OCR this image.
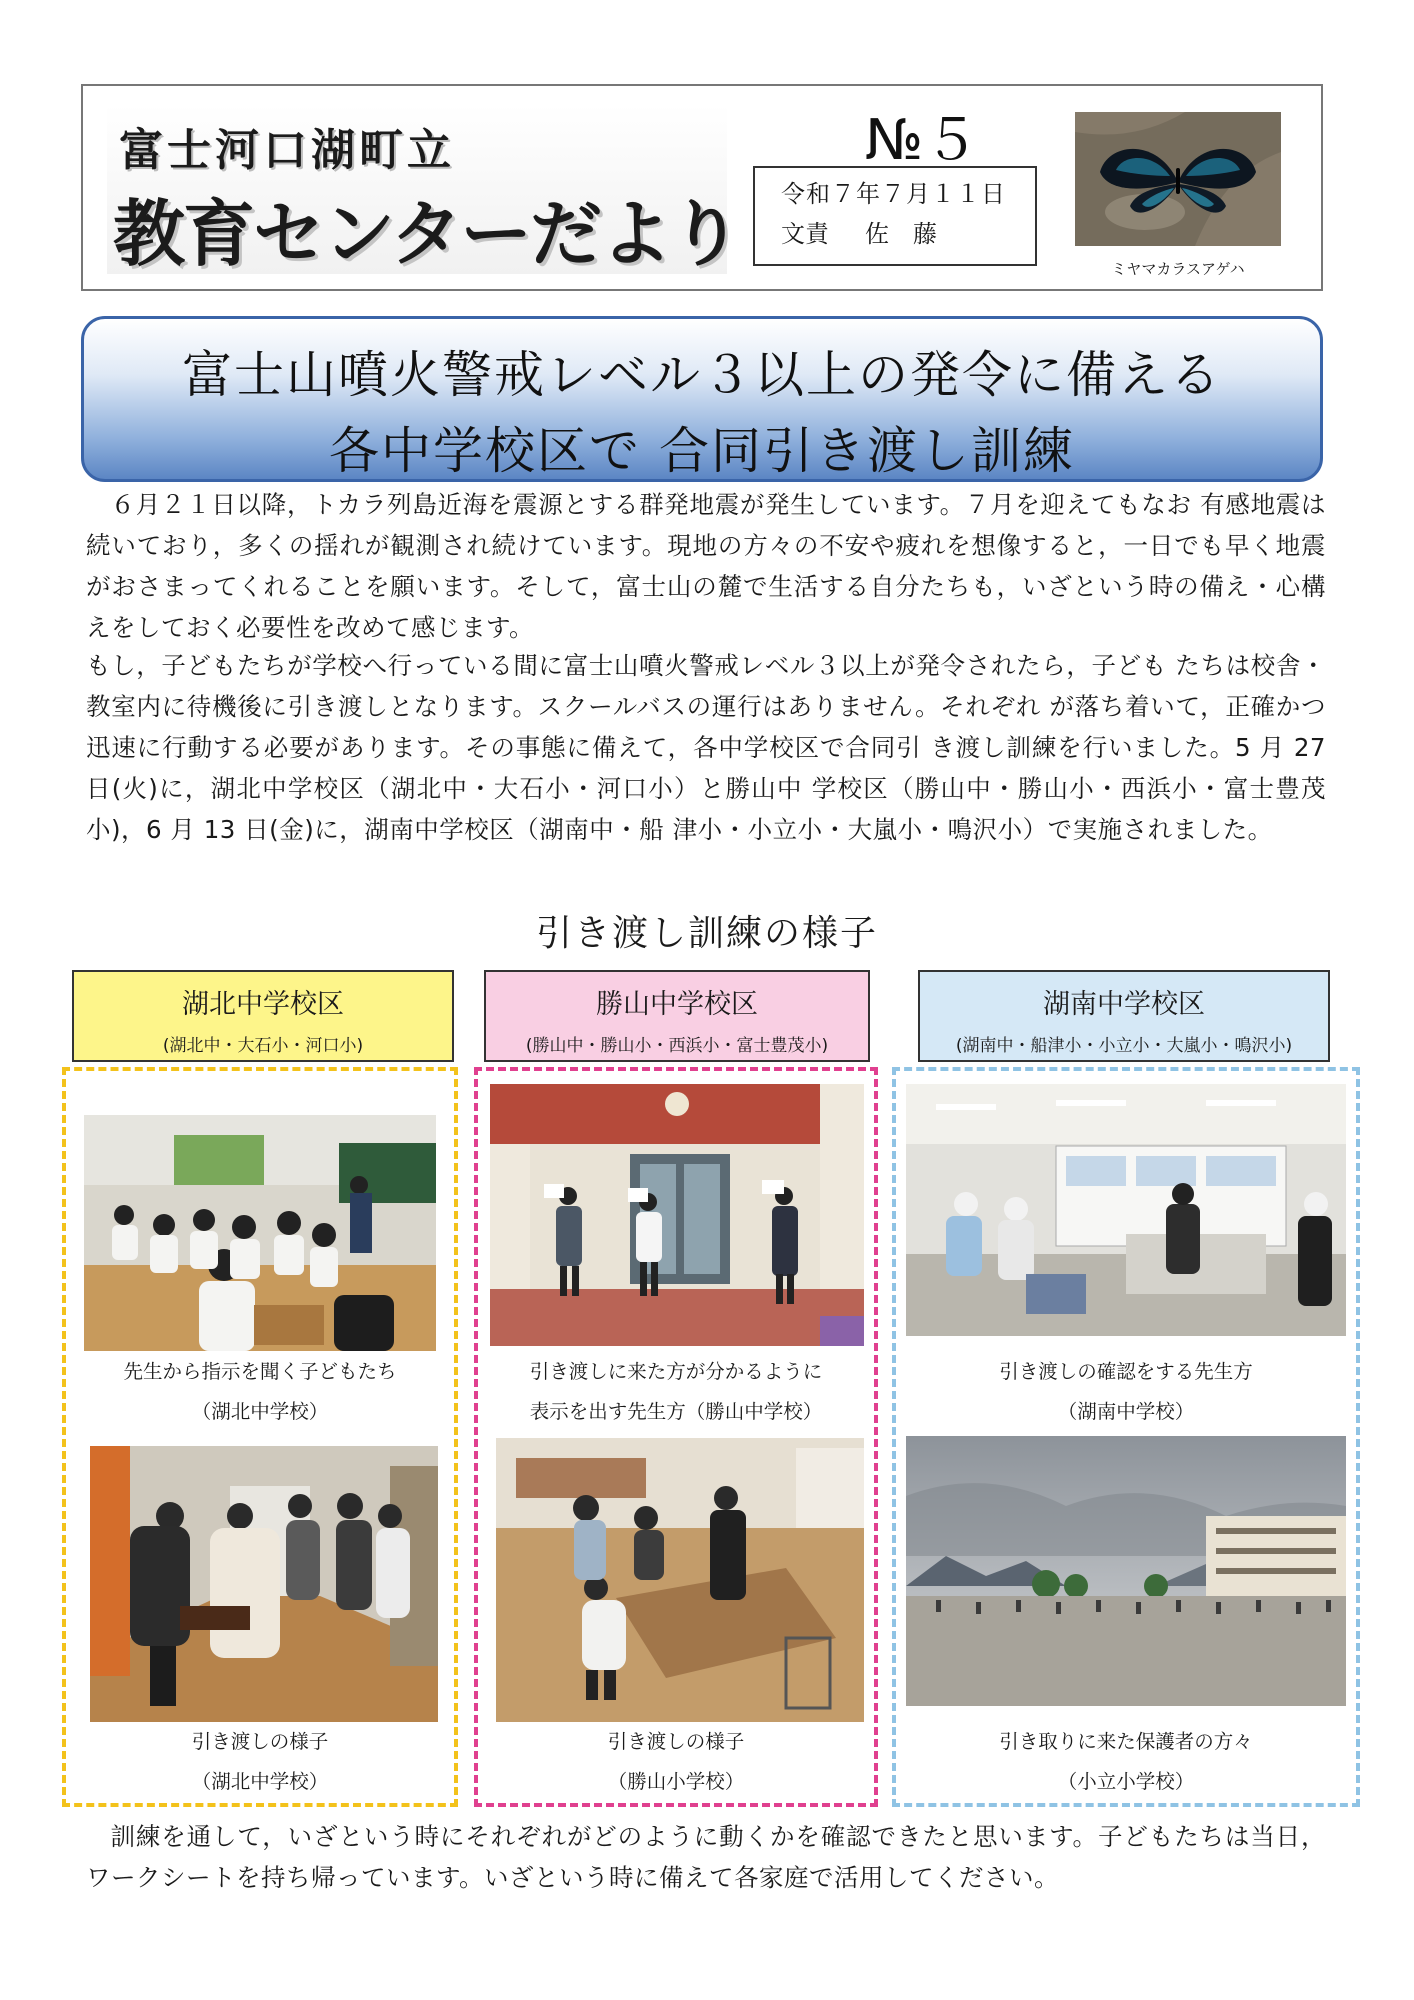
富士河口湖町立
教育センターだより
№５
令和７年７月１１日
文責 佐　藤
ミヤマカラスアゲハ
富士山噴火警戒レベル３以上の発令に備える
各中学校区で 合同引き渡し訓練
６月２１日以降，トカラ列島近海を震源とする群発地震が発生しています。７月を迎えてもなお 有感地震は続いており，多くの揺れが観測され続けています。現地の方々の不安や疲れを想像すると，一日でも早く地震がおさまってくれることを願います。そして，富士山の麓で生活する自分たちも，いざという時の備え・心構えをしておく必要性を改めて感じます。
もし，子どもたちが学校へ行っている間に富士山噴火警戒レベル３以上が発令されたら，子ども たちは校舎・教室内に待機後に引き渡しとなります。スクールバスの運行はありません。それぞれ が落ち着いて，正確かつ迅速に行動する必要があります。その事態に備えて，各中学校区で合同引 き渡し訓練を行いました。5 月 27 日(火)に，湖北中学校区（湖北中・大石小・河口小）と勝山中 学校区（勝山中・勝山小・西浜小・富士豊茂小)，6 月 13 日(金)に，湖南中学校区（湖南中・船 津小・小立小・大嵐小・鳴沢小）で実施されました。
引き渡し訓練の様子
湖北中学校区
(湖北中・大石小・河口小)
勝山中学校区
(勝山中・勝山小・西浜小・富士豊茂小)
湖南中学校区
(湖南中・船津小・小立小・大嵐小・鳴沢小)
先生から指示を聞く子どもたち
（湖北中学校）
引き渡しの様子
（湖北中学校）
引き渡しに来た方が分かるように
表示を出す先生方（勝山中学校）
引き渡しの様子
（勝山小学校）
引き渡しの確認をする先生方
（湖南中学校）
引き取りに来た保護者の方々
（小立小学校）
訓練を通して，いざという時にそれぞれがどのように動くかを確認できたと思います。子どもたちは当日，ワークシートを持ち帰っています。いざという時に備えて各家庭で活用してください。
